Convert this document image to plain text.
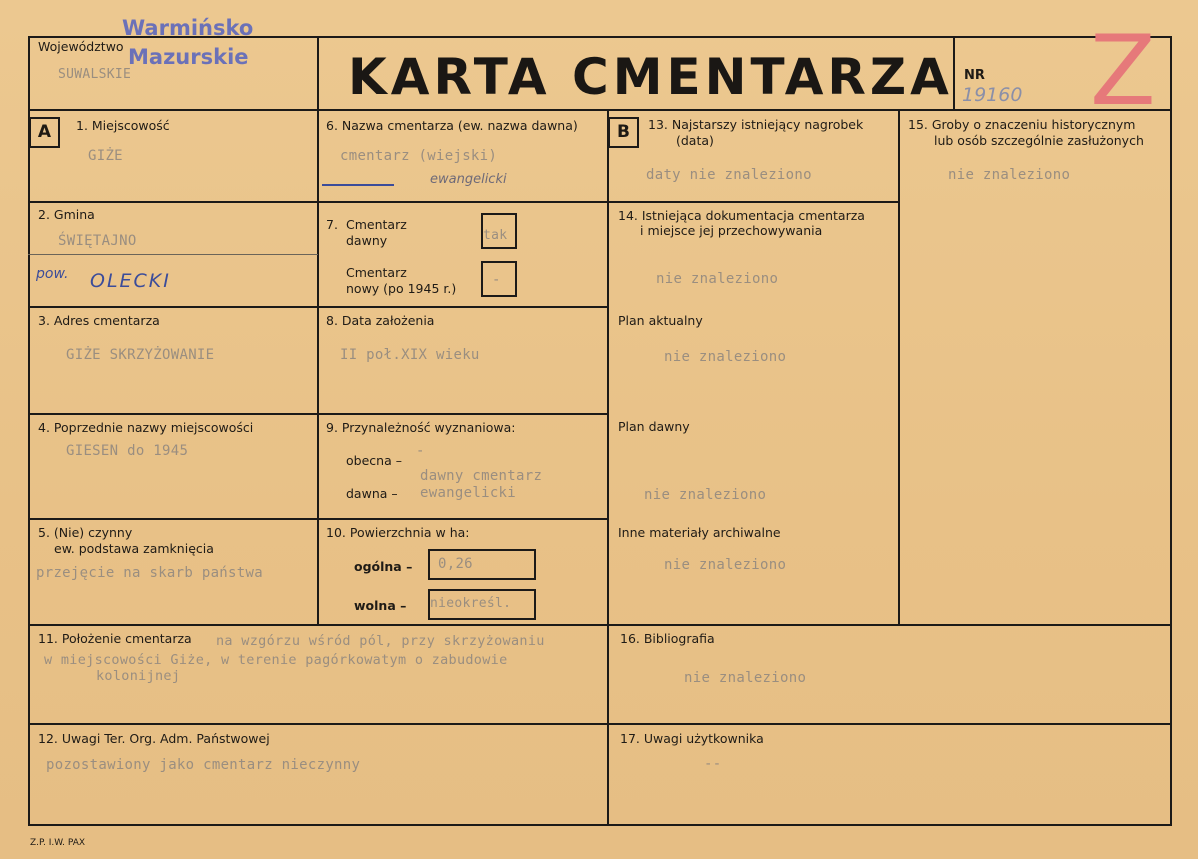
Warmińsko
Mazurskie
Województwo
SUWALSKIE	KARTA CMENTARZA NR
19160 Z
A	B
1. Miejscowość
GIŻE
2. Gmina
ŚWIĘTAJNO
pow. OLECKI
3. Adres cmentarza
GIŻE SKRZYŻOWANIE
4. Poprzednie nazwy miejscowości
GIESEN do 1945
5. (Nie) czynny
ew. podstawa zamknięcia
przejęcie na skarb państwa
6. Nazwa cmentarza (ew. nazwa dawna)
cmentarz (wiejski)
ewangelicki
7. Cmentarz
dawny	tak
Cmentarz
nowy (po 1945 r.)
-
8. Data założenia
II poł.XIX wieku
9. Przynależność wyznaniowa:
obecna –
-
dawna –
dawny cmentarz
ewangelicki
10. Powierzchnia w ha:
ogólna – 0,26
wolna – nieokreśl.
11. Położenie cmentarza na wzgórzu wśród pól, przy skrzyżowaniu
w miejscowości Giże, w terenie pagórkowatym o zabudowie
kolonijnej
12. Uwagi Ter. Org. Adm. Państwowej
pozostawiony jako cmentarz nieczynny
13. Najstarszy istniejący nagrobek
(data)
daty nie znaleziono
14. Istniejąca dokumentacja cmentarza
i miejsce jej przechowywania
nie znaleziono
Plan aktualny
nie znaleziono
Plan dawny
nie znaleziono
Inne materiały archiwalne
nie znaleziono
15. Groby o znaczeniu historycznym
lub osób szczególnie zasłużonych
nie znaleziono
16. Bibliografia
nie znaleziono
17. Uwagi użytkownika
--
Z.P. I.W. PAX
